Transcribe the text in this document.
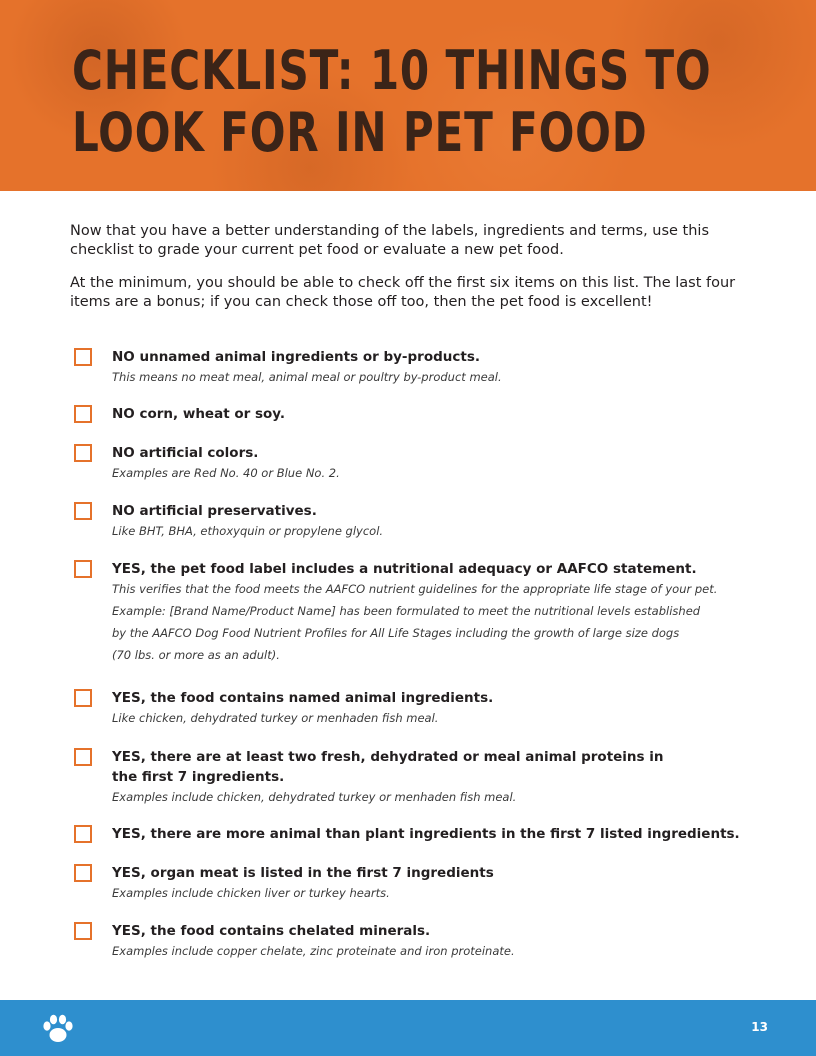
CHECKLIST: 10 THINGS TO
LOOK FOR IN PET FOOD

Now that you have a better understanding of the labels, ingredients and terms, use this checklist to grade your current pet food or evaluate a new pet food.

At the minimum, you should be able to check off the first six items on this list. The last four items are a bonus; if you can check those off too, then the pet food is excellent!

NO unnamed animal ingredients or by-products.
This means no meat meal, animal meal or poultry by-product meal.
NO corn, wheat or soy.
NO artificial colors.
Examples are Red No. 40 or Blue No. 2.
NO artificial preservatives.
Like BHT, BHA, ethoxyquin or propylene glycol.
YES, the pet food label includes a nutritional adequacy or AAFCO statement.
This verifies that the food meets the AAFCO nutrient guidelines for the appropriate life stage of your pet.
Example: [Brand Name/Product Name] has been formulated to meet the nutritional levels established
by the AAFCO Dog Food Nutrient Profiles for All Life Stages including the growth of large size dogs
(70 lbs. or more as an adult).
YES, the food contains named animal ingredients.
Like chicken, dehydrated turkey or menhaden fish meal.
YES, there are at least two fresh, dehydrated or meal animal proteins in the first 7 ingredients.
Examples include chicken, dehydrated turkey or menhaden fish meal.
YES, there are more animal than plant ingredients in the first 7 listed ingredients.
YES, organ meat is listed in the first 7 ingredients
Examples include chicken liver or turkey hearts.
YES, the food contains chelated minerals.
Examples include copper chelate, zinc proteinate and iron proteinate.
13
